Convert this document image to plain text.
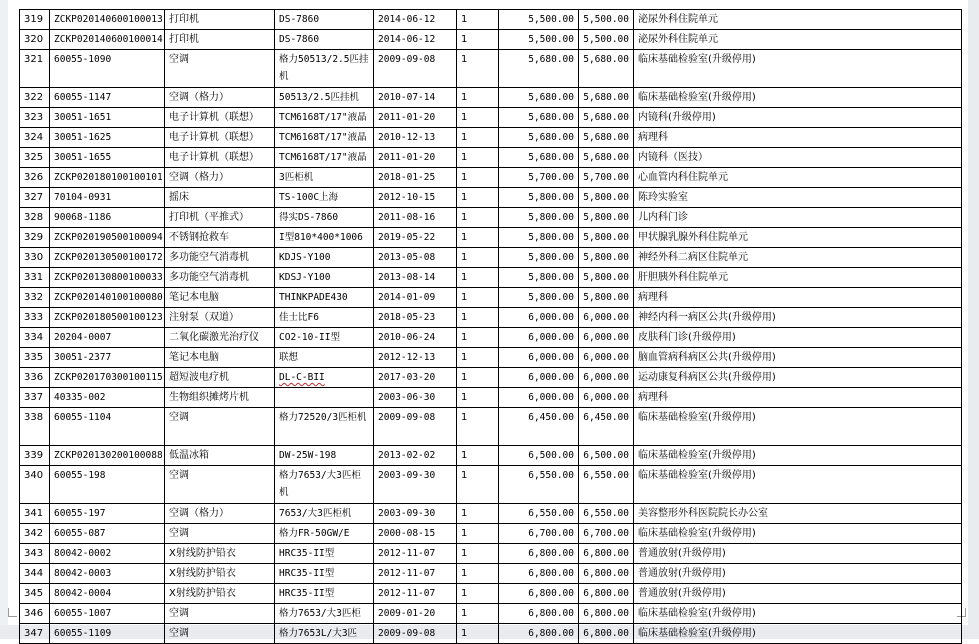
319	ZCKP020140600100013	打印机	DS-7860	2014-06-12	1	5,500.00	5,500.00	泌尿外科住院单元
320	ZCKP020140600100014	打印机	DS-7860	2014-06-12	1	5,500.00	5,500.00	泌尿外科住院单元
321	60055-1090	空调	格力50513/2.5匹挂机	2009-09-08	1	5,680.00	5,680.00	临床基础检验室(升级停用)
322	60055-1147	空调（格力）	50513/2.5匹挂机	2010-07-14	1	5,680.00	5,680.00	临床基础检验室(升级停用)
323	30051-1651	电子计算机（联想）	TCM6168T/17"液晶	2011-01-20	1	5,680.00	5,680.00	内镜科(升级停用)
324	30051-1625	电子计算机（联想）	TCM6168T/17"液晶	2010-12-13	1	5,680.00	5,680.00	病理科
325	30051-1655	电子计算机（联想）	TCM6168T/17"液晶	2011-01-20	1	5,680.00	5,680.00	内镜科（医技）
326	ZCKP020180100100101	空调（格力）	3匹柜机	2018-01-25	1	5,700.00	5,700.00	心血管内科住院单元
327	70104-0931	摇床	TS-100C上海	2012-10-15	1	5,800.00	5,800.00	陈玲实验室
328	90068-1186	打印机（平推式）	得实DS-7860	2011-08-16	1	5,800.00	5,800.00	儿内科门诊
329	ZCKP020190500100094	不锈钢抢救车	I型810*400*1006	2019-05-22	1	5,800.00	5,800.00	甲状腺乳腺外科住院单元
330	ZCKP020130500100172	多功能空气消毒机	KDJS-Y100	2013-05-08	1	5,800.00	5,800.00	神经外科二病区住院单元
331	ZCKP020130800100033	多功能空气消毒机	KDSJ-Y100	2013-08-14	1	5,800.00	5,800.00	肝胆胰外科住院单元
332	ZCKP020140100100080	笔记本电脑	THINKPADE430	2014-01-09	1	5,800.00	5,800.00	病理科
333	ZCKP020180500100123	注射泵（双道）	佳士比F6	2018-05-23	1	6,000.00	6,000.00	神经内科一病区公共(升级停用)
334	20204-0007	二氧化碳激光治疗仪	CO2-10-II型	2010-06-24	1	6,000.00	6,000.00	皮肤科门诊(升级停用)
335	30051-2377	笔记本电脑	联想	2012-12-13	1	6,000.00	6,000.00	脑血管病科病区公共(升级停用)
336	ZCKP020170300100115	超短波电疗机	DL-C-BII	2017-03-20	1	6,000.00	6,000.00	运动康复科病区公共(升级停用)
337	40335-002	生物组织摊烤片机		2003-06-30	1	6,000.00	6,000.00	病理科
338	60055-1104	空调	格力72520/3匹柜机	2009-09-08	1	6,450.00	6,450.00	临床基础检验室(升级停用)
339	ZCKP020130200100088	低温冰箱	DW-25W-198	2013-02-02	1	6,500.00	6,500.00	临床基础检验室(升级停用)
340	60055-198	空调	格力7653/大3匹柜机	2003-09-30	1	6,550.00	6,550.00	临床基础检验室(升级停用)
341	60055-197	空调（格力）	7653/大3匹柜机	2003-09-30	1	6,550.00	6,550.00	美容整形外科医院院长办公室
342	60055-087	空调	格力FR-50GW/E	2000-08-15	1	6,700.00	6,700.00	临床基础检验室(升级停用)
343	80042-0002	X射线防护铅衣	HRC35-II型	2012-11-07	1	6,800.00	6,800.00	普通放射(升级停用)
344	80042-0003	X射线防护铅衣	HRC35-II型	2012-11-07	1	6,800.00	6,800.00	普通放射(升级停用)
345	80042-0004	X射线防护铅衣	HRC35-II型	2012-11-07	1	6,800.00	6,800.00	普通放射(升级停用)
346	60055-1007	空调	格力7653/大3匹柜	2009-01-20	1	6,800.00	6,800.00	临床基础检验室(升级停用)
347	60055-1109	空调	格力7653L/大3匹	2009-09-08	1	6,800.00	6,800.00	临床基础检验室(升级停用)
